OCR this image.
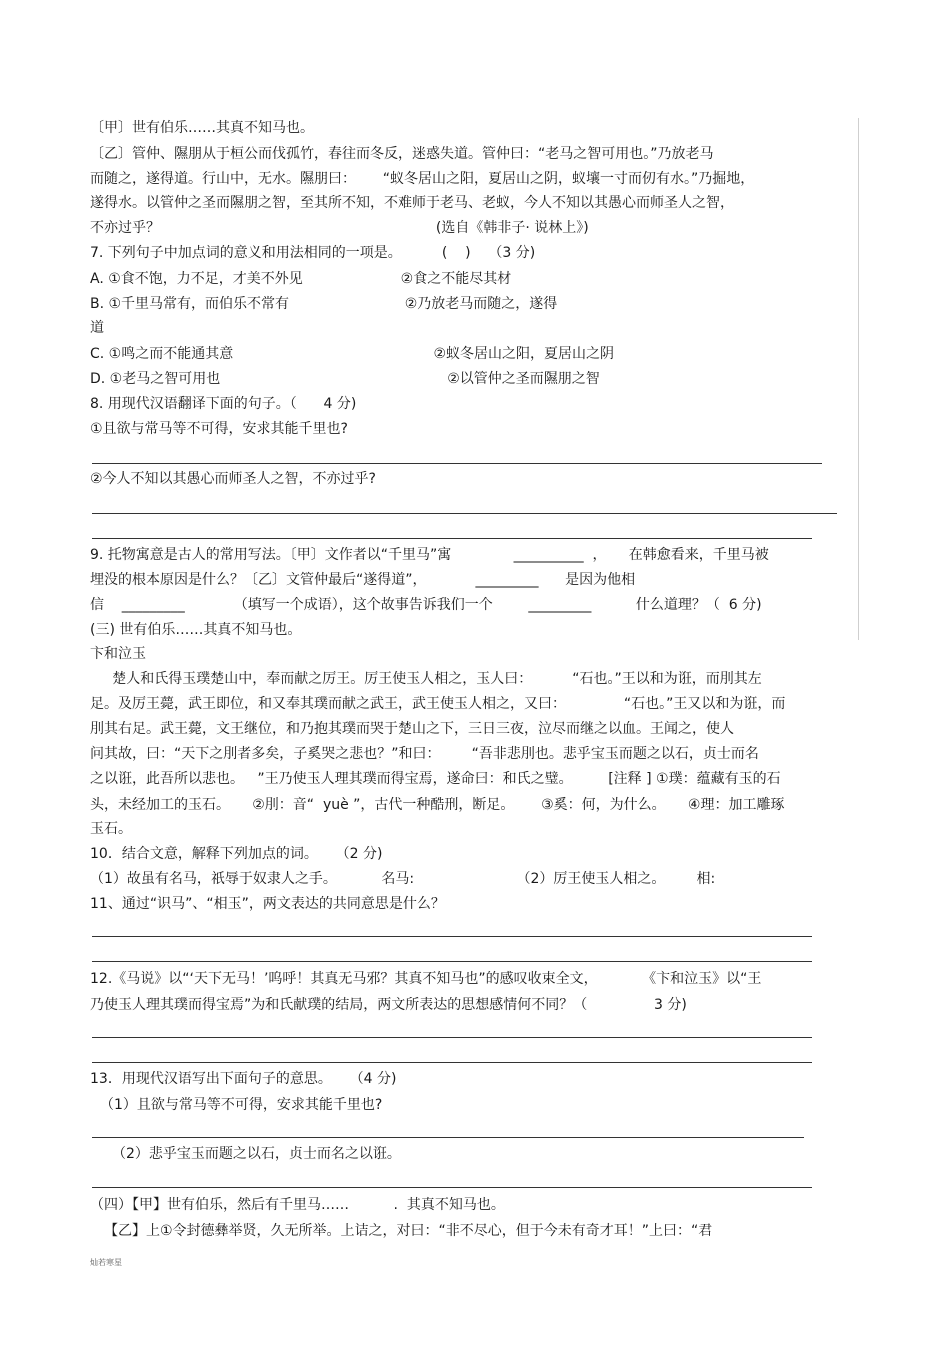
〔甲〕世有伯乐……其真不知马也。

〔乙〕管仲、隰朋从于桓公而伐孤竹，春往而冬反，迷惑失道。管仲曰：“老马之智可用也。”乃放老马

而随之，遂得道。行山中，无水。隰朋曰：      “蚁冬居山之阳，夏居山之阴，蚁壤一寸而仞有水。”乃掘地，

遂得水。以管仲之圣而隰朋之智，至其所不知，不难师于老马、老蚁，今人不知以其愚心而师圣人之智，

不亦过乎？                                                              (选自《韩非子· 说林上》)

7. 下列句子中加点词的意义和用法相同的一项是。         (    )    （3 分)

A. ①食不饱，力不足，才美不外见                      ②食之不能尽其材

B. ①千里马常有，而伯乐不常有                          ②乃放老马而随之，遂得

道

C. ①鸣之而不能通其意                                             ②蚁冬居山之阳，夏居山之阴

D. ①老马之智可用也                                                   ②以管仲之圣而隰朋之智

8. 用现代汉语翻译下面的句子。（      4 分)

①且欲与常马等不可得，安求其能千里也?

②今人不知以其愚心而师圣人之智，不亦过乎?

9. 托物寓意是古人的常用写法。〔甲〕文作者以“千里马”寓              __________  ，     在韩愈看来，千里马被

埋没的根本原因是什么？〔乙〕文管仲最后“遂得道”，           _________      是因为他相

信    _________           （填写一个成语），这个故事告诉我们一个        _________          什么道理？（  6 分)

(三) 世有伯乐……其真不知马也。

卞和泣玉

楚人和氏得玉璞楚山中，奉而献之厉王。厉王使玉人相之，玉人曰：         “石也。”王以和为诳，而刖其左

足。及厉王薨，武王即位，和又奉其璞而献之武王，武王使玉人相之，又曰：             “石也。”王又以和为诳，而

刖其右足。武王薨，文王继位，和乃抱其璞而哭于楚山之下，三日三夜，泣尽而继之以血。王闻之，使人

问其故，曰：“天下之刖者多矣，子奚哭之悲也？”和曰：       “吾非悲刖也。悲乎宝玉而题之以石，贞士而名

之以诳，此吾所以悲也。   ”王乃使玉人理其璞而得宝焉，遂命曰：和氏之璧。        [注释 ] ①璞：蕴藏有玉的石

头，未经加工的玉石。     ②刖：音“  yuè ”，古代一种酷刑，断足。      ③奚：何，为什么。     ④理：加工雕琢

玉石。

10．结合文意，解释下列加点的词。    （2 分)

（1）故虽有名马，祇辱于奴隶人之手。          名马:                       （2）厉王使玉人相之。       相:

11、通过“识马”、“相玉”，两文表达的共同意思是什么？

12.《马说》以“‘天下无马！’呜呼！其真无马邪？其真不知马也”的感叹收束全文，          《卞和泣玉》以“王

乃使玉人理其璞而得宝焉”为和氏献璞的结局，两文所表达的思想感情何不同？（               3 分)

13．用现代汉语写出下面句子的意思。    （4 分)

（1）且欲与常马等不可得，安求其能千里也?

（2）悲乎宝玉而题之以石，贞士而名之以诳。

（四）【甲】世有伯乐，然后有千里马……          .  其真不知马也。

【乙】上①令封德彝举贤，久无所举。上诘之，对曰：“非不尽心，但于今未有奇才耳！”上曰：“君

灿若寒星
